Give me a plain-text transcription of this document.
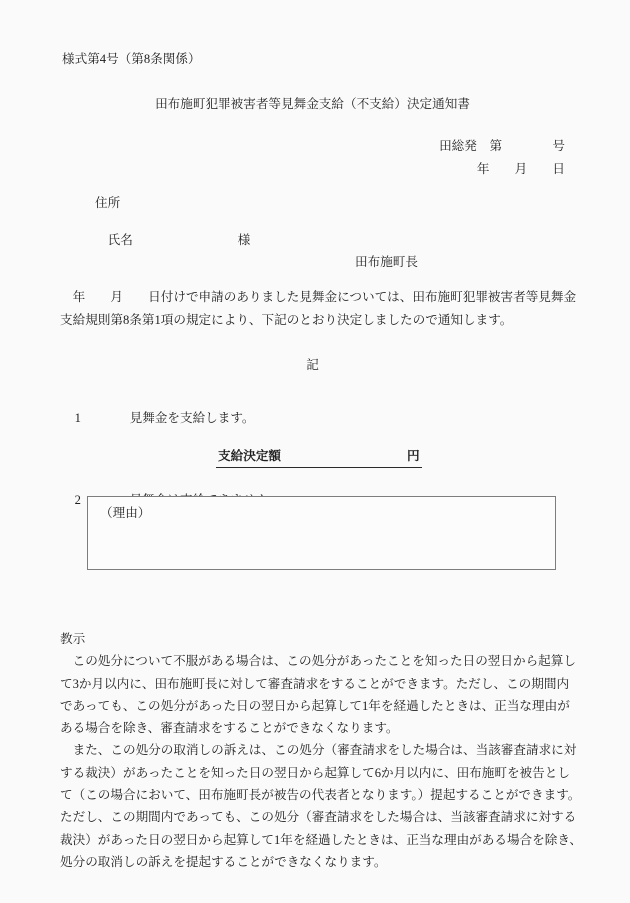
様式第4号（第8条関係）
田布施町犯罪被害者等見舞金支給（不支給）決定通知書
田総発　第　　　　号
年　　月　　日
住所

氏名	様

田布施町長
　年　　月　　日付けで申請のありました見舞金については、田布施町犯罪被害者等見舞金
支給規則第8条第1項の規定により、下記のとおり決定しましたので通知します。
記

1	見舞金を支給します。

支給決定額　　　　　　　　　　	円

2

（理由）
教示
　この処分について不服がある場合は、この処分があったことを知った日の翌日から起算し
て3か月以内に、田布施町長に対して審査請求をすることができます。ただし、この期間内
であっても、この処分があった日の翌日から起算して1年を経過したときは、正当な理由が
ある場合を除き、審査請求をすることができなくなります。
　また、この処分の取消しの訴えは、この処分（審査請求をした場合は、当該審査請求に対
する裁決）があったことを知った日の翌日から起算して6か月以内に、田布施町を被告とし
て（この場合において、田布施町長が被告の代表者となります。）提起することができます。
ただし、この期間内であっても、この処分（審査請求をした場合は、当該審査請求に対する
裁決）があった日の翌日から起算して1年を経過したときは、正当な理由がある場合を除き、
処分の取消しの訴えを提起することができなくなります。
